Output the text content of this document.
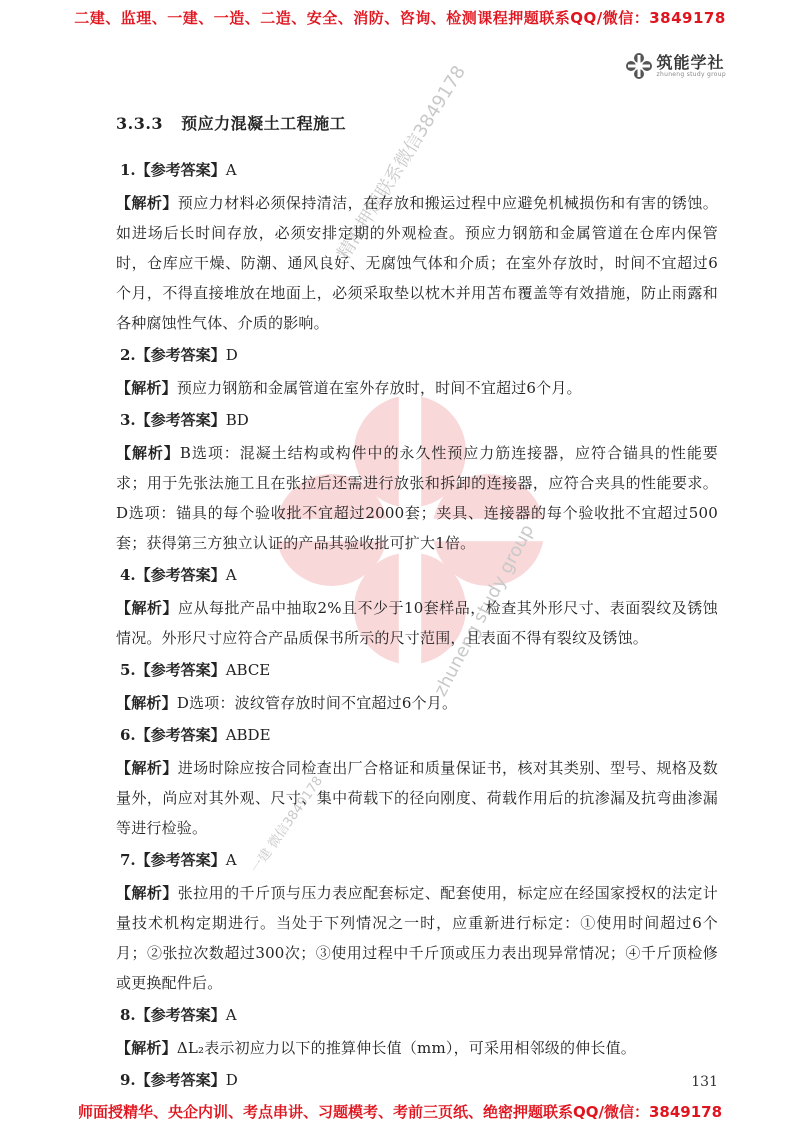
二建、监理、一建、一造、二造、安全、消防、咨询、检测课程押题联系QQ/微信：3849178
筑能学社
zhuneng study group
精准押题联系微信3849178
zhuneng study group
一建 微信3849178
3.3.3 预应力混凝土工程施工
1.【参考答案】A

【解析】预应力材料必须保持清洁，在存放和搬运过程中应避免机械损伤和有害的锈蚀。如进场后长时间存放，必须安排定期的外观检查。预应力钢筋和金属管道在仓库内保管时，仓库应干燥、防潮、通风良好、无腐蚀气体和介质；在室外存放时，时间不宜超过6个月，不得直接堆放在地面上，必须采取垫以枕木并用苫布覆盖等有效措施，防止雨露和各种腐蚀性气体、介质的影响。

2.【参考答案】D

【解析】预应力钢筋和金属管道在室外存放时，时间不宜超过6个月。

3.【参考答案】BD

【解析】B选项：混凝土结构或构件中的永久性预应力筋连接器，应符合锚具的性能要求；用于先张法施工且在张拉后还需进行放张和拆卸的连接器，应符合夹具的性能要求。D选项：锚具的每个验收批不宜超过2000套；夹具、连接器的每个验收批不宜超过500套；获得第三方独立认证的产品其验收批可扩大1倍。

4.【参考答案】A

【解析】应从每批产品中抽取2%且不少于10套样品，检查其外形尺寸、表面裂纹及锈蚀情况。外形尺寸应符合产品质保书所示的尺寸范围，且表面不得有裂纹及锈蚀。

5.【参考答案】ABCE

【解析】D选项：波纹管存放时间不宜超过6个月。

6.【参考答案】ABDE

【解析】进场时除应按合同检查出厂合格证和质量保证书，核对其类别、型号、规格及数量外，尚应对其外观、尺寸、集中荷载下的径向刚度、荷载作用后的抗渗漏及抗弯曲渗漏等进行检验。

7.【参考答案】A

【解析】张拉用的千斤顶与压力表应配套标定、配套使用，标定应在经国家授权的法定计量技术机构定期进行。当处于下列情况之一时，应重新进行标定：①使用时间超过6个月；②张拉次数超过300次；③使用过程中千斤顶或压力表出现异常情况；④千斤顶检修或更换配件后。

8.【参考答案】A

【解析】ΔL₂表示初应力以下的推算伸长值（mm），可采用相邻级的伸长值。

9.【参考答案】D	131
师面授精华、央企内训、考点串讲、习题模考、考前三页纸、绝密押题联系QQ/微信：3849178
